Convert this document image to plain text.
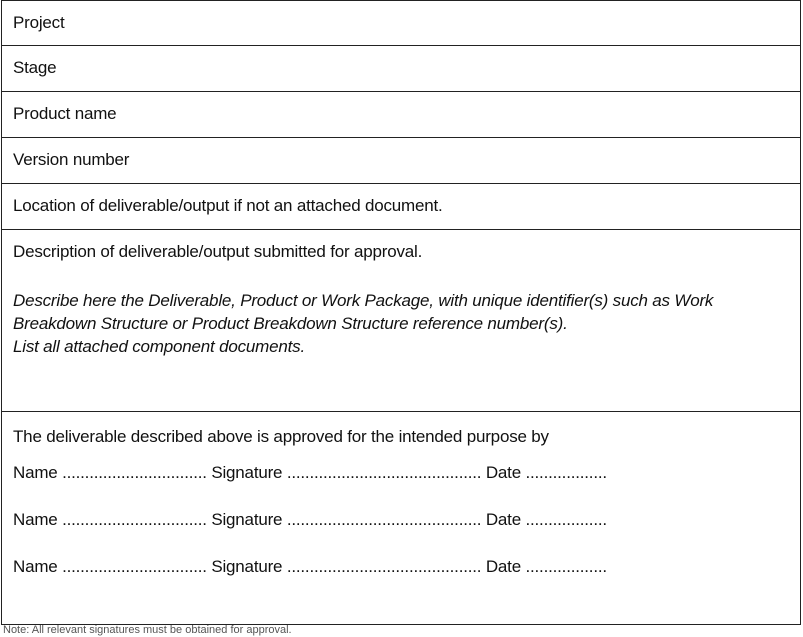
Project
Stage
Product name
Version number
Location of deliverable/output if not an attached document.
Description of deliverable/output submitted for approval.
Describe here the Deliverable, Product or Work Package, with unique identifier(s) such as Work
Breakdown Structure or Product Breakdown Structure reference number(s).
List all attached component documents.
The deliverable described above is approved for the intended purpose by
Name ................................ Signature ........................................... Date ..................
Name ................................ Signature ........................................... Date ..................
Name ................................ Signature ........................................... Date ..................
Note: All relevant signatures must be obtained for approval.
